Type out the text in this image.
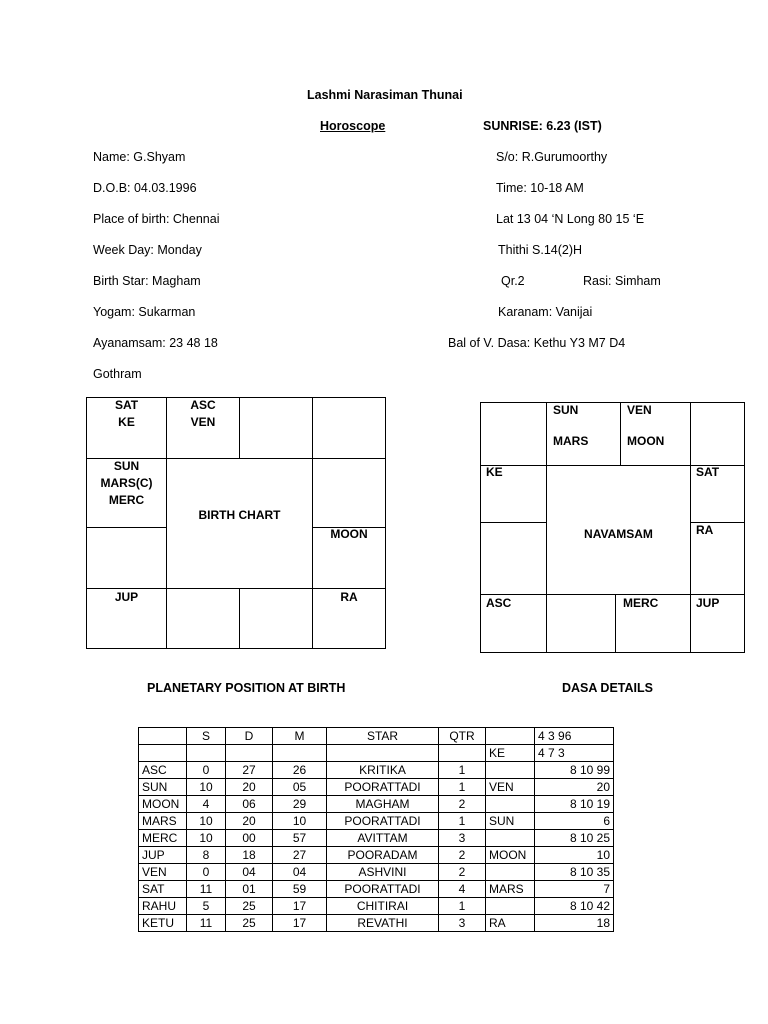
Lashmi Narasiman Thunai
Horoscope	SUNRISE: 6.23 (IST)
Name: G.Shyam	S/o: R.Gurumoorthy
D.O.B: 04.03.1996	Time: 10-18 AM
Place of birth: Chennai	Lat 13 04 ‘N Long 80 15 ‘E
Week Day: Monday	Thithi S.14(2)H
Birth Star: Magham	Qr.2	Rasi: Simham
Yogam: Sukarman	Karanam: Vanijai
Ayanamsam: 23 48 18	Bal of V. Dasa: Kethu Y3 M7 D4
Gothram
SAT
KE
ASC
VEN
SUN
MARS(C)
MERC
BIRTH CHART
MOON
JUP	RA
SUN
MARS
VEN
MOON
KE	SAT
NAVAMSAM	RA
ASC	MERC	JUP
PLANETARY POSITION AT BIRTH	DASA DETAILS
	S	D	M	STAR	QTR		4 3 96
						KE	4 7 3
ASC	0	27	26	KRITIKA	1		8 10 99
SUN	10	20	05	POORATTADI	1	VEN	20
MOON	4	06	29	MAGHAM	2		8 10 19
MARS	10	20	10	POORATTADI	1	SUN	6
MERC	10	00	57	AVITTAM	3		8 10 25
JUP	8	18	27	POORADAM	2	MOON	10
VEN	0	04	04	ASHVINI	2		8 10 35
SAT	11	01	59	POORATTADI	4	MARS	7
RAHU	5	25	17	CHITIRAI	1		8 10 42
KETU	11	25	17	REVATHI	3	RA	18
